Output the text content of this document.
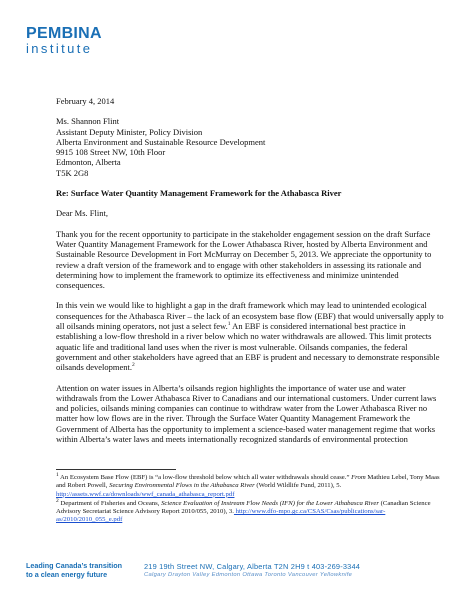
PEMBINA
institute

February 4, 2014

Ms. Shannon Flint

Assistant Deputy Minister, Policy Division

Alberta Environment and Sustainable Resource Development

9915 108 Street NW, 10th Floor

Edmonton, Alberta

T5K 2G8

Re: Surface Water Quantity Management Framework for the Athabasca River

Dear Ms. Flint,

Thank you for the recent opportunity to participate in the stakeholder engagement session on the draft Surface Water Quantity Management Framework for the Lower Athabasca River, hosted by Alberta Environment and Sustainable Resource Development in Fort McMurray on December 5, 2013. We appreciate the opportunity to review a draft version of the framework and to engage with other stakeholders in assessing its rationale and determining how to implement the framework to optimize its effectiveness and minimize unintended consequences.

In this vein we would like to highlight a gap in the draft framework which may lead to unintended ecological consequences for the Athabasca River – the lack of an ecosystem base flow (EBF) that would universally apply to all oilsands mining operators, not just a select few.$^1$ An EBF is considered international best practice in establishing a low-flow threshold in a river below which no water withdrawals are allowed. This limit protects aquatic life and traditional land uses when the river is most vulnerable. Oilsands companies, the federal government and other stakeholders have agreed that an EBF is prudent and necessary to demonstrate responsible oilsands development.$^2$

Attention on water issues in Alberta’s oilsands region highlights the importance of water use and water withdrawals from the Lower Athabasca River to Canadians and our international customers. Under current laws and policies, oilsands mining companies can continue to withdraw water from the Lower Athabasca River no matter how low flows are in the river. Through the Surface Water Quantity Management Framework the Government of Alberta has the opportunity to implement a science-based water management regime that works within Alberta’s water laws and meets internationally recognized standards of environmental protection

$^1$ An Ecosystem Base Flow (EBF) is “a low-flow threshold below which all water withdrawals should cease.” From Mathieu Lebel, Tony Maas and Robert Powell, Securing Environmental Flows in the Athabasca River (World Wildlife Fund, 2011), 5. http://assets.wwf.ca/downloads/wwf_canada_athabasca_report.pdf

$^2$ Department of Fisheries and Oceans, Science Evaluation of Instream Flow Needs (IFN) for the Lower Athabasca River (Canadian Science Advisory Secretariat Science Advisory Report 2010/055, 2010), 3. http://www.dfo-mpo.gc.ca/CSAS/Csas/publications/sar-as/2010/2010_055_e.pdf

Leading Canada’s transition
to a clean energy future
219 19th Street NW, Calgary, Alberta T2N 2H9 t 403-269-3344
Calgary Drayton Valley Edmonton Ottawa Toronto Vancouver Yellowknife
